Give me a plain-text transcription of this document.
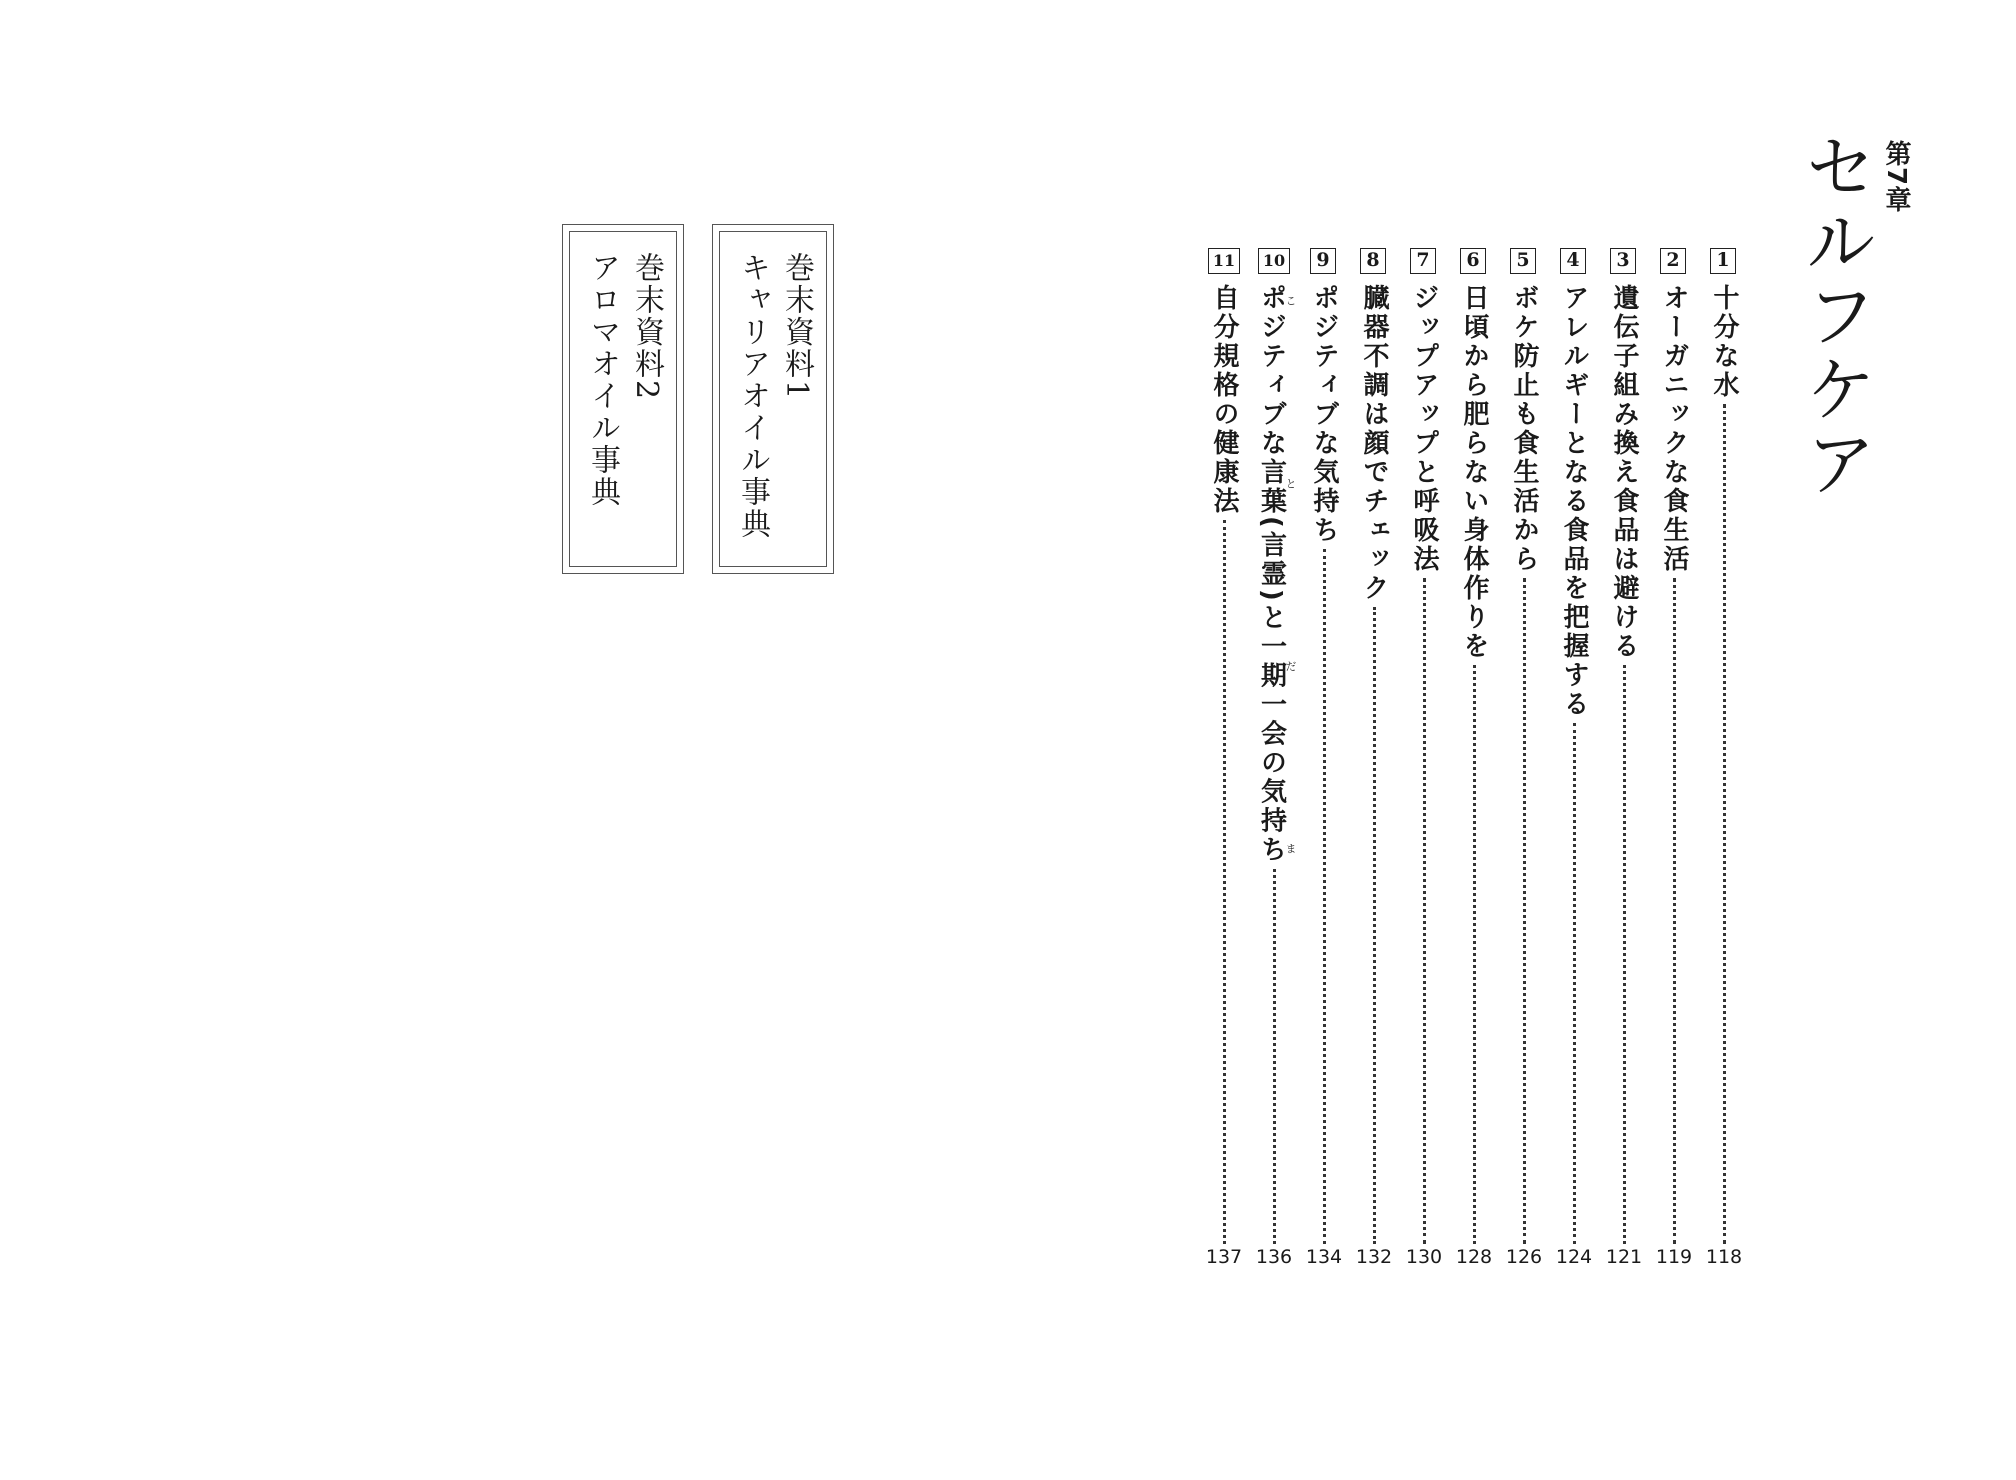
第7章
セルフケア
1
十分な水
118
2
オーガニックな食生活
119
3
遺伝子組み換え食品は避ける
121
4
アレルギーとなる食品を把握する
124
5
ボケ防止も食生活から
126
6
日頃から肥らない身体作りを
128
7
ジップアップと呼吸法
130
8
臓器不調は顔でチェック
132
9
ポジティブな気持ち
134
10
ポジティブな言葉(言霊)と一期一会の気持ちことだま
136
11
自分規格の健康法
137
巻末資料1
キャリアオイル事典
巻末資料2
アロマオイル事典
